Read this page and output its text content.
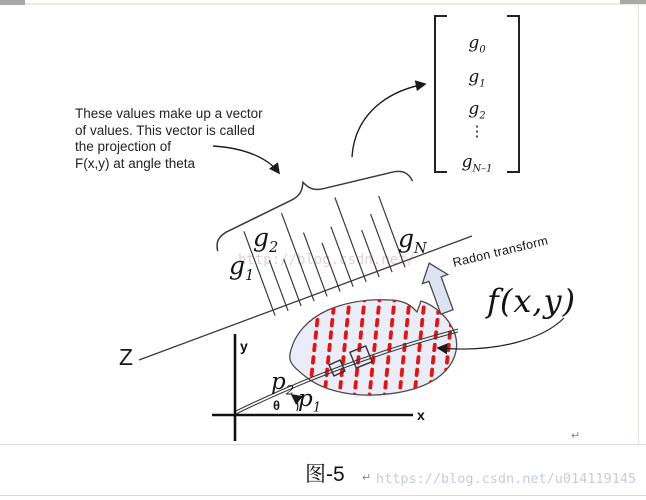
http://blog.csdn.net/
These values make up a vector
of values. This vector is called
the projection of
F(x,y) at angle theta
$g_0$
$g_1$
$g_2$
⋮
$g_{N-1}$
$g_1$
$g_2$	$g_N$
Z
Radon transform
f(x,y)
y
x
θ
$p_2$ $p_1$
图-5 ↵
↵
https://blog.csdn.net/u014119145
